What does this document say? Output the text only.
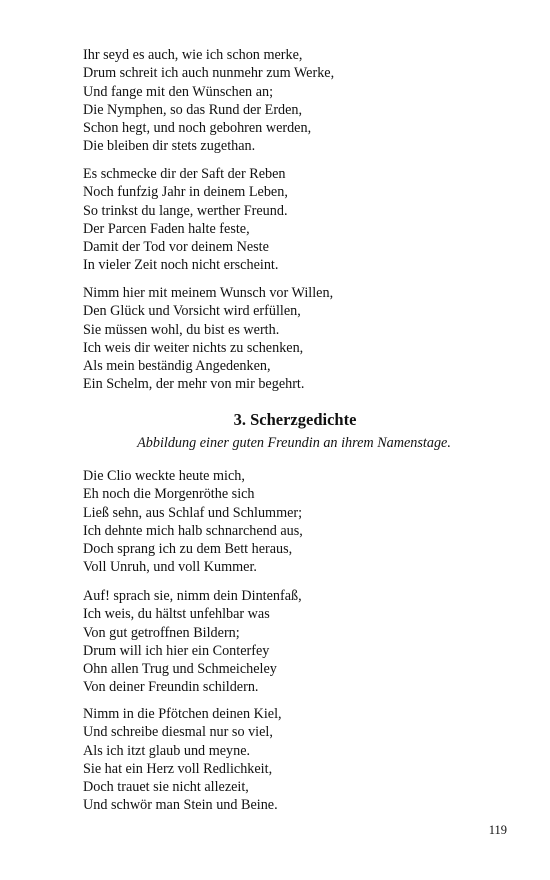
Ihr seyd es auch, wie ich schon merke,
Drum schreit ich auch nunmehr zum Werke,
Und fange mit den Wünschen an;
Die Nymphen, so das Rund der Erden,
Schon hegt, und noch gebohren werden,
Die bleiben dir stets zugethan.
Es schmecke dir der Saft der Reben
Noch funfzig Jahr in deinem Leben,
So trinkst du lange, werther Freund.
Der Parcen Faden halte feste,
Damit der Tod vor deinem Neste
In vieler Zeit noch nicht erscheint.
Nimm hier mit meinem Wunsch vor Willen,
Den Glück und Vorsicht wird erfüllen,
Sie müssen wohl, du bist es werth.
Ich weis dir weiter nichts zu schenken,
Als mein beständig Angedenken,
Ein Schelm, der mehr von mir begehrt.
3. Scherzgedichte

Abbildung einer guten Freundin an ihrem Namenstage.

Die Clio weckte heute mich,
Eh noch die Morgenröthe sich
Ließ sehn, aus Schlaf und Schlummer;
Ich dehnte mich halb schnarchend aus,
Doch sprang ich zu dem Bett heraus,
Voll Unruh, und voll Kummer.
Auf! sprach sie, nimm dein Dintenfaß,
Ich weis, du hältst unfehlbar was
Von gut getroffnen Bildern;
Drum will ich hier ein Conterfey
Ohn allen Trug und Schmeicheley
Von deiner Freundin schildern.
Nimm in die Pfötchen deinen Kiel,
Und schreibe diesmal nur so viel,
Als ich itzt glaub und meyne.
Sie hat ein Herz voll Redlichkeit,
Doch trauet sie nicht allezeit,
Und schwör man Stein und Beine.
119
